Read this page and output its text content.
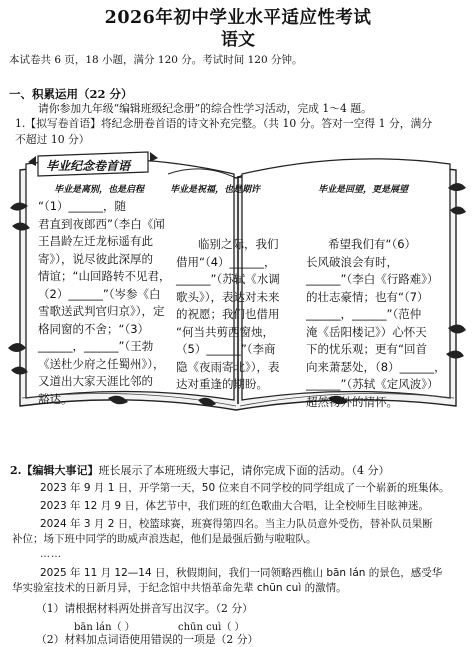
2026年初中学业水平适应性考试
语文
本试卷共 6 页，18 小题，满分 120 分。考试时间 120 分钟。
一、积累运用（22 分）
请你参加九年级“编辑班级纪念册”的综合性学习活动，完成 1～4 题。
1.【拟写卷首语】将纪念册卷首语的诗文补充完整。（共 10 分。答对一空得 1 分，满分
不超过 10 分）
毕业纪念卷首语
毕业是离别，也是启程	毕业是祝福，也是期许	毕业是回望，更是展望
“（1）______，随
君直到夜郎西”（李白《闻
王昌龄左迁龙标遥有此
寄》），说尽彼此深厚的
情谊；“山回路转不见君，
（2）______”（岑参《白
雪歌送武判官归京》），定
格同窗的不舍；“（3）
______，______”（王勃
《送杜少府之任蜀州》），
又道出大家天涯比邻的
豁达。
临别之际，我们
借用“（4）______，
______”（苏轼《水调
歌头》），表达对未来
的祝愿；我们也借用
“何当共剪西窗烛，
（5）______”（李商
隐《夜雨寄北》），表
达对重逢的期盼。
希望我们有“（6）
长风破浪会有时，
______”（李白《行路难》）
的壮志豪情；也有“（7）
______，______”（范仲
淹《岳阳楼记》）心怀天
下的忧乐观；更有“回首
向来萧瑟处，（8）______，
______”（苏轼《定风波》）
超然物外的情怀。
2.【编辑大事记】班长展示了本班班级大事记，请你完成下面的活动。（4 分）
2023 年 9 月 1 日，开学第一天，50 位来自不同学校的同学组成了一个崭新的班集体。
2023 年 12 月 9 日，体艺节中，我们班的红色歌曲大合唱，让全校师生目眩神迷。
2024 年 3 月 2 日，校篮球赛，班赛得第四名。当主力队员意外受伤，替补队员果断
补位；场下班中同学的助威声浪迭起，他们是最强后勤与啦啦队。
……
2025 年 11 月 12—14 日，秋假期间，我们一同领略西樵山 bān lán 的景色，感受华
华实验室技术的日新月异，于纪念馆中共悟革命先辈 chūn cuì 的激情。
（1）请根据材料两处拼音写出汉字。（2 分）
bān lán（ ）	chūn cuì（ ）
（2）材料加点词语使用错误的一项是（2 分）
